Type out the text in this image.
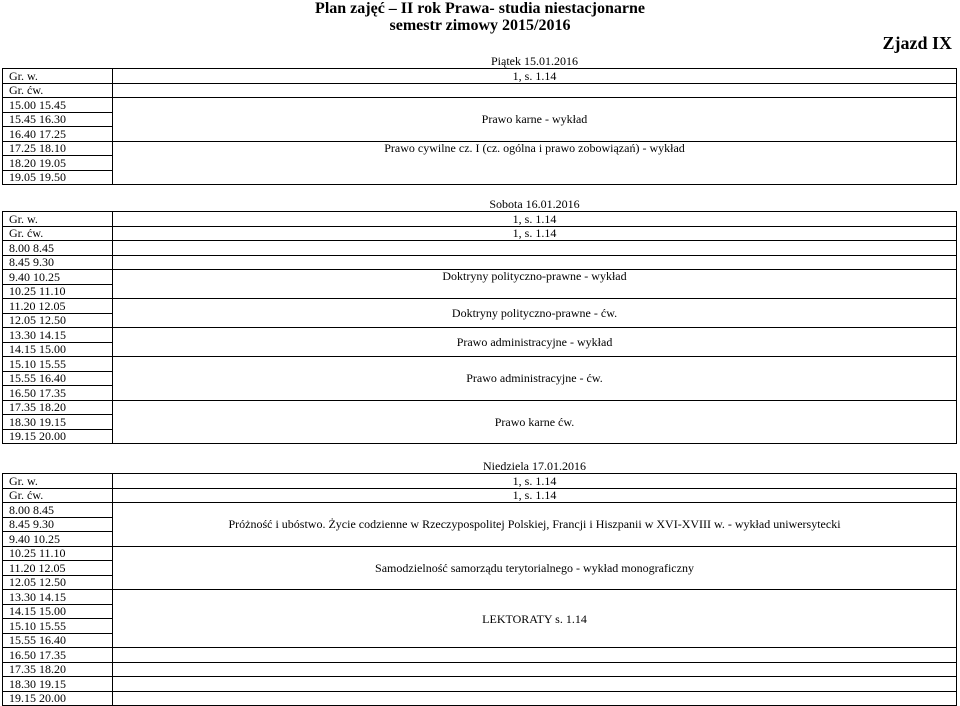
Plan zajęć – II rok Prawa- studia niestacjonarne
semestr zimowy 2015/2016
Zjazd IX
	Piątek 15.01.2016
Gr. w.	1, s. 1.14
Gr. ćw.	
15.00 15.45	Prawo karne - wykład
15.45 16.30	
16.40 17.25	
17.25 18.10	Prawo cywilne cz. I (cz. ogólna i prawo zobowiązań) - wykład
18.20 19.05	
19.05 19.50	
	Sobota 16.01.2016
Gr. w.	1, s. 1.14
Gr. ćw.	1, s. 1.14
8.00 8.45	
8.45 9.30	
9.40 10.25	Doktryny polityczno-prawne - wykład
10.25 11.10	
11.20 12.05	Doktryny polityczno-prawne - ćw.
12.05 12.50	
13.30 14.15	Prawo administracyjne - wykład
14.15 15.00	
15.10 15.55	Prawo administracyjne - ćw.
15.55 16.40	
16.50 17.35	
17.35 18.20	Prawo karne ćw.
18.30 19.15	
19.15 20.00	
	Niedziela 17.01.2016
Gr. w.	1, s. 1.14
Gr. ćw.	1, s. 1.14
8.00 8.45	Próżność i ubóstwo. Życie codzienne w Rzeczypospolitej Polskiej, Francji i Hiszpanii w XVI-XVIII w. - wykład uniwersytecki
8.45 9.30	
9.40 10.25	
10.25 11.10	Samodzielność samorządu terytorialnego - wykład monograficzny
11.20 12.05	
12.05 12.50	
13.30 14.15	LEKTORATY s. 1.14
14.15 15.00	
15.10 15.55	
15.55 16.40	
16.50 17.35	
17.35 18.20	
18.30 19.15	
19.15 20.00	
